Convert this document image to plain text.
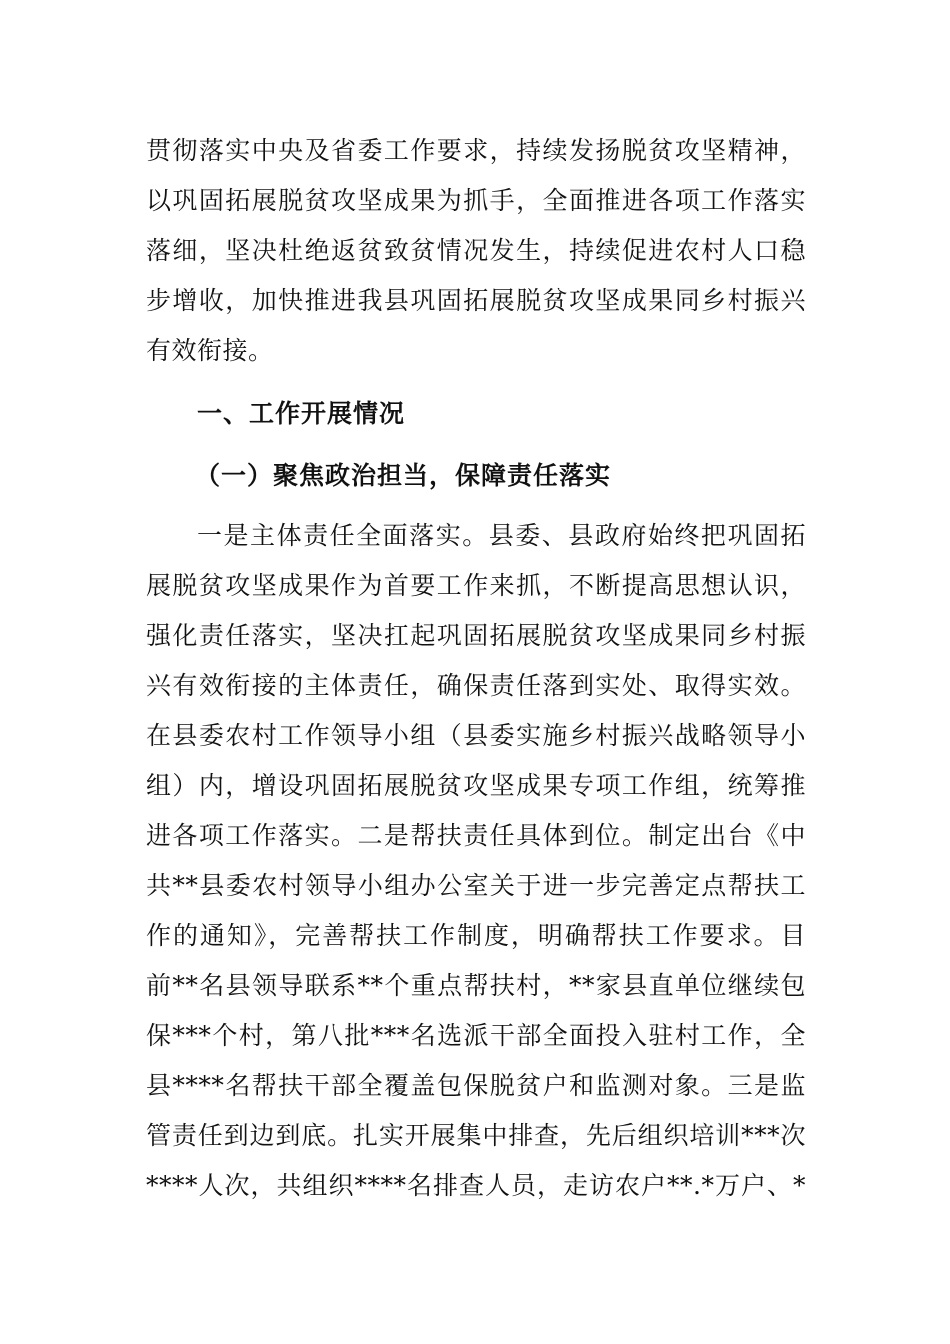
贯彻落实中央及省委工作要求，持续发扬脱贫攻坚精神，
以巩固拓展脱贫攻坚成果为抓手，全面推进各项工作落实
落细，坚决杜绝返贫致贫情况发生，持续促进农村人口稳
步增收，加快推进我县巩固拓展脱贫攻坚成果同乡村振兴
有效衔接。
一、工作开展情况
（一）聚焦政治担当，保障责任落实
一是主体责任全面落实。县委、县政府始终把巩固拓
展脱贫攻坚成果作为首要工作来抓，不断提高思想认识，
强化责任落实，坚决扛起巩固拓展脱贫攻坚成果同乡村振
兴有效衔接的主体责任，确保责任落到实处、取得实效。
在县委农村工作领导小组（县委实施乡村振兴战略领导小
组）内，增设巩固拓展脱贫攻坚成果专项工作组，统筹推
进各项工作落实。二是帮扶责任具体到位。制定出台《中
共**县委农村领导小组办公室关于进一步完善定点帮扶工
作的通知》，完善帮扶工作制度，明确帮扶工作要求。目
前**名县领导联系**个重点帮扶村，**家县直单位继续包
保***个村，第八批***名选派干部全面投入驻村工作，全
县****名帮扶干部全覆盖包保脱贫户和监测对象。三是监
管责任到边到底。扎实开展集中排查，先后组织培训***次
****人次，共组织****名排查人员，走访农户**.*万户、*
